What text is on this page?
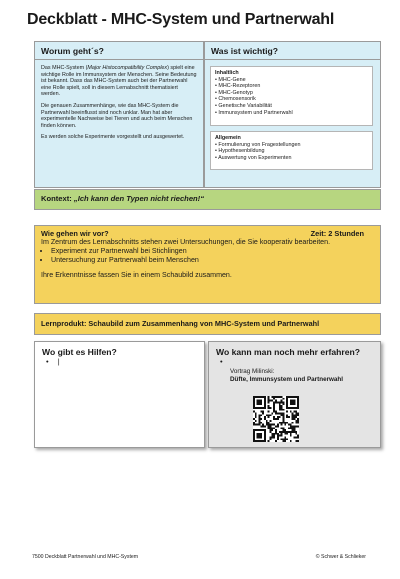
Deckblatt - MHC-System und Partnerwahl
Worum geht´s?

Das MHC-System (Major Histocompatibility Complex) spielt eine wichtige Rolle im Immunsystem der Menschen. Seine Bedeutung ist bekannt. Dass das MHC-System auch bei der Partnerwahl eine Rolle spielt, soll in diesem Lernabschnitt thematisiert werden.

Die genauen Zusammenhänge, wie das MHC-System die Partnerwahl beeinflusst sind noch unklar. Man hat aber experimentelle Nachweise bei Tieren und auch beim Menschen finden können.

Es werden solche Experimente vorgestellt und ausgewertet.

Was ist wichtig?
Inhaltlich
• MHC-Gene
• MHC-Rezeptoren
• MHC-Genotyp
• Chemosensorik
• Genetische Variabilität
• Immunsystem und Partnerwahl
Allgemein
• Formulierung von Fragestellungen
• Hypothesenbildung
• Auswertung von Experimenten
Kontext: „Ich kann den Typen nicht riechen!“
Wie gehen wir vor?	Zeit: 2 Stunden
Im Zentrum des Lernabschnitts stehen zwei Untersuchungen, die Sie kooperativ bearbeiten.
• Experiment zur Partnerwahl bei Stichlingen
• Untersuchung zur Partnerwahl beim Menschen
Ihre Erkenntnisse fassen Sie in einem Schaubild zusammen.
Lernprodukt: Schaubild zum Zusammenhang von MHC-System und Partnerwahl
Wo gibt es Hilfen?
• |
Wo kann man noch mehr erfahren?
•
Vortrag Milinski:
Düfte, Immunsystem und Partnerwahl
7500 Deckblatt Partnerwahl und MHC-System	© Schwer & Schlieker
